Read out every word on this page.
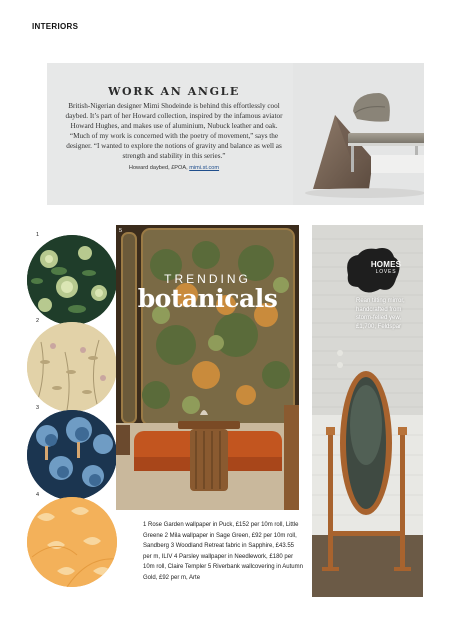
INTERIORS
WORK AN ANGLE
British-Nigerian designer Mimi Shodeinde is behind this effortlessly cool daybed. It’s part of her Howard collection, inspired by the infamous aviator Howard Hughes, and makes use of aluminium, Nubuck leather and oak. “Much of my work is concerned with the poetry of movement,” says the designer. “I wanted to explore the notions of gravity and balance as well as strength and stability in this series.”
Howard daybed, £POA, mimi.st.com
1
2
3
4
5
TRENDING
botanicals
1 Rose Garden wallpaper in Puck, £152 per 10m roll, Little Greene 2 Mila wallpaper in Sage Green, £92 per 10m roll, Sandberg 3 Woodland Retreat fabric in Sapphire, £43.55 per m, ILIV 4 Parsley wallpaper in Needlework, £180 per 10m roll, Claire Templer 5 Riverbank wallcovering in Autumn Gold, £92 per m, Arte
HOMES
LOVES
Rean tilting mirror, handcrafted from storm-felled yew, £1,700, Feldspar
